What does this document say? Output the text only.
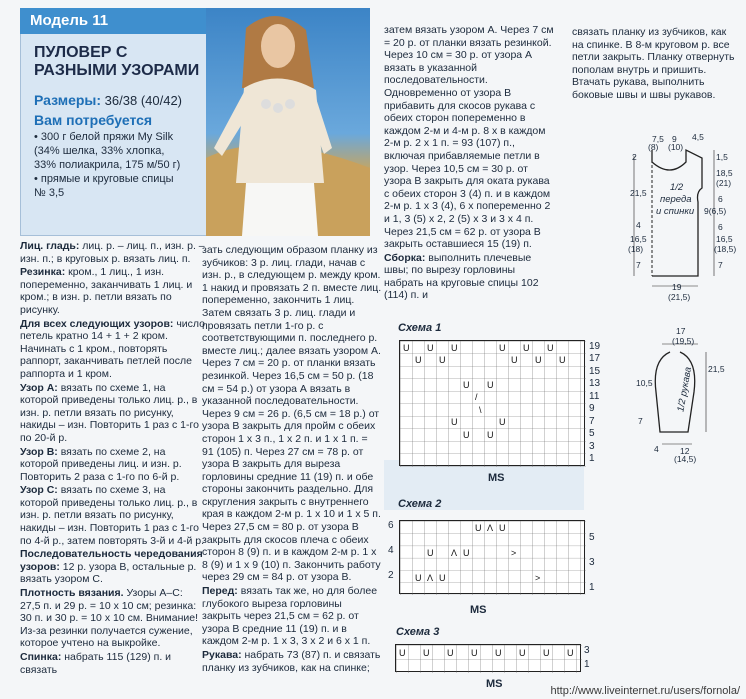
Модель 11
ПУЛОВЕР С РАЗНЫМИ УЗОРАМИ
Размеры: 36/38 (40/42)
Вам потребуется
• 300 г белой пряжи My Silk
(34% шелка, 33% хлопка,
33% полиакрила, 175 м/50 г)
• прямые и круговые спицы
№ 3,5

Лиц. гладь: лиц. р. – лиц. п., изн. р. – изн. п.; в круговых р. вязать лиц. п.

Резинка: кром., 1 лиц., 1 изн. попеременно, заканчивать 1 лиц. и кром.; в изн. р. петли вязать по рисунку.

Для всех следующих узоров: число петель кратно 14 + 1 + 2 кром. Начинать с 1 кром., повторять раппорт, заканчивать петлей после раппорта и 1 кром.

Узор А: вязать по схеме 1, на которой приведены только лиц. р., в изн. р. петли вязать по рисунку, накиды – изн. Повторить 1 раз с 1-го по 20-й р.

Узор В: вязать по схеме 2, на которой приведены лиц. и изн. р. Повторить 2 раза с 1-го по 6-й р.

Узор С: вязать по схеме 3, на которой приведены только лиц. р., в изн. р. петли вязать по рисунку, накиды – изн. Повторить 1 раз с 1-го по 4-й р., затем повторять 3-й и 4-й р.

Последовательность чередования узоров: 12 р. узора В, остальные р. вязать узором С.

Плотность вязания. Узоры А–С: 27,5 п. и 29 р. = 10 х 10 см; резинка: 30 п. и 30 р. = 10 х 10 см. Внимание! Из-за резинки получается сужение, которое учтено на выкройке.

Спинка: набрать 115 (129) п. и связать

зать следующим образом планку из зубчиков: 3 р. лиц. глади, начав с изн. р., в следующем р. между кром. 1 накид и провязать 2 п. вместе лиц. попеременно, закончить 1 лиц. Затем связать 3 р. лиц. глади и провязать петли 1-го р. с соответствующими п. последнего р. вместе лиц.; далее вязать узором А. Через 7 см = 20 р. от планки вязать резинкой. Через 16,5 см = 50 р. (18 см = 54 р.) от узора А вязать в указанной последовательности. Через 9 см = 26 р. (6,5 см = 18 р.) от узора В закрыть для пройм с обеих сторон 1 х 3 п., 1 х 2 п. и 1 х 1 п. = 91 (105) п. Через 27 см = 78 р. от узора В закрыть для выреза горловины средние 11 (19) п. и обе стороны закончить раздельно. Для скругления закрыть с внутреннего края в каждом 2-м р. 1 х 10 и 1 х 5 п. Через 27,5 см = 80 р. от узора В закрыть для скосов плеча с обеих сторон 8 (9) п. и в каждом 2-м р. 1 х 8 (9) и 1 х 9 (10) п. Закончить работу через 29 см = 84 р. от узора В.

Перед: вязать так же, но для более глубокого выреза горловины закрыть через 21,5 см = 62 р. от узора В средние 11 (19) п. и в каждом 2-м р. 1 х 3, 3 х 2 и 6 х 1 п.

Рукава: набрать 73 (87) п. и связать планку из зубчиков, как на спинке;

затем вязать узором А. Через 7 см = 20 р. от планки вязать резинкой. Через 10 см = 30 р. от узора А вязать в указанной последовательности. Одновременно от узора В прибавить для скосов рукава с обеих сторон попеременно в каждом 2-м и 4-м р. 8 х в каждом 2-м р. 2 х 1 п. = 93 (107) п., включая прибавляемые петли в узор. Через 10,5 см = 30 р. от узора В закрыть для оката рукава с обеих сторон 3 (4) п. и в каждом 2-м р. 1 х 3 (4), 6 х попеременно 2 и 1, 3 (5) х 2, 2 (5) х 3 и 3 х 4 п. Через 21,5 см = 62 р. от узора В закрыть оставшиеся 15 (19) п.

Сборка: выполнить плечевые швы; по вырезу горловины набрать на круговые спицы 102 (114) п. и

связать планку из зубчиков, как на спинке. В 8-м круговом р. все петли закрыть. Планку отвернуть пополам внутрь и пришить. Втачать рукава, выполнить боковые швы и швы рукавов.

7,5
(8)
9
(10)
4,5
1,5
18,5
(21)
6
9(6,5)
6
16,5
(18,5)
7
2
21,5
4
16,5
(18)
7
19
(21,5)
1/2
переда
и спинки
17
(19,5)
21,5
10,5
7
4	12
(14,5)
1/2 рукава
Схема 1
U U U	U U U
U U	U U U
U U
/
\
U	U
U U
19
17
15
13
11
9
7
5
3
1
MS
Схема 2
U Λ U
U Λ U	>
U Λ U	>
6
4
2
5
3
1
MS
Схема 3
U U U U U U U U 3
1
MS
http://www.liveinternet.ru/users/fornola/
